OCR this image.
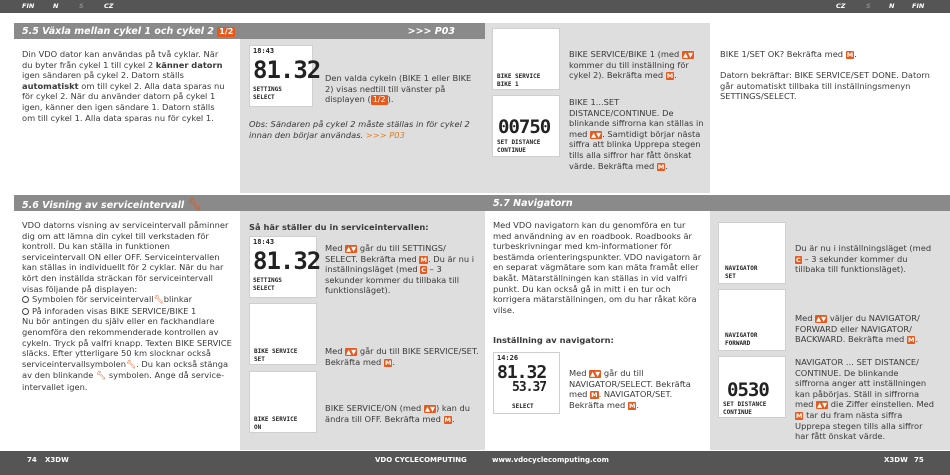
FIN	N	S	CZ	CZ	S	N	FIN
5.5 Växla mellan cykel 1 och cykel 2 1/2	>>> P03
Din VDO dator kan användas på två cyklar. När du byter från cykel 1 till cykel 2 känner datorn igen sändaren på cykel 2. Datorn ställs automatiskt om till cykel 2. Alla data sparas nu för cykel 2. När du använder datorn på cykel 1 igen, känner den igen sändare 1. Datorn ställs om till cykel 1. Alla data sparas nu för cykel 1.
18:43
81.32
SETTINGS
SELECT
Den valda cykeln (BIKE 1 eller BIKE 2) visas nedtill till vänster på displayen ( 1/2 ).
Obs: Sändaren på cykel 2 måste ställas in för cykel 2 innan den börjar användas. >>> P03
BIKE SERVICE
BIKE 1
BIKE SERVICE/BIKE 1 (med ▲▼ kommer du till inställning för cykel 2). Bekräfta med M.
00750
SET DISTANCE
CONTINUE
BIKE 1...SET DISTANCE/CONTINUE. De blinkande siffrorna kan ställas in med ▲▼. Samtidigt börjar nästa siffra att blinka Upprepa stegen tills alla siffror har fått önskat värde. Bekräfta med M.
BIKE 1/SET OK? Bekräfta med M.

Datorn bekräftar: BIKE SERVICE/SET DONE. Datorn går automatiskt tillbaka till inställningsmenyn SETTINGS/SELECT.
5.6 Visning av serviceintervall 🔧︎
VDO datorns visning av serviceintervall påminner dig om att lämna din cykel till verkstaden för kontroll. Du kan ställa in funktionen serviceintervall ON eller OFF. Serviceintervallen kan ställas in individuellt för 2 cyklar. När du har kört den inställda sträckan för serviceintervall visas följande på displayen:
Symbolen för serviceintervall🔧︎blinkar
På inforaden visas BIKE SERVICE/BIKE 1
Nu bör antingen du själv eller en fackhandlare genomföra den rekommenderade kontrollen av cykeln. Tryck på valfri knapp. Texten BIKE SERVICE släcks. Efter ytterligare 50 km slocknar också serviceintervallsymbolen🔧︎. Du kan också stänga av den blinkande 🔧︎ symbolen. Ange då service-intervallet igen.
Så här ställer du in serviceintervallen:
18:43
81.32
SETTINGS
SELECT
Med ▲▼ går du till SETTINGS/ SELECT. Bekräfta med M. Du är nu i inställningsläget (med C – 3 sekunder kommer du tillbaka till funktionsläget).
BIKE SERVICE
SET
Med ▲▼ går du till BIKE SERVICE/SET. Bekräfta med M.
BIKE SERVICE
ON
BIKE SERVICE/ON (med ▲▼) kan du ändra till OFF. Bekräfta med M.
5.7 Navigatorn
Med VDO navigatorn kan du genomföra en tur med användning av en roadbook. Roadbooks är turbeskrivningar med km-informationer för bestämda orienteringspunkter. VDO navigatorn är en separat vägmätare som kan mäta framåt eller bakåt. Mätarställningen kan ställas in vid valfri punkt. Du kan också gå in mitt i en tur och korrigera mätarställningen, om du har råkat köra vilse.
Inställning av navigatorn:
14:26
81.32
53.37
SELECT
Med ▲▼ går du till NAVIGATOR/SELECT. Bekräfta med M. NAVIGATOR/SET. Bekräfta med M.
NAVIGATOR
SET
Du är nu i inställningsläget (med C – 3 sekunder kommer du tillbaka till funktionsläget).
NAVIGATOR
FORWARD
Med ▲▼ väljer du NAVIGATOR/ FORWARD eller NAVIGATOR/ BACKWARD. Bekräfta med M.
0530
SET DISTANCE
CONTINUE
NAVIGATOR ... SET DISTANCE/ CONTINUE. De blinkande siffrorna anger att inställningen kan påbörjas. Ställ in siffrorna med ▲▼ die Ziffer einstellen. Med M tar du fram nästa siffra Upprepa stegen tills alla siffror har fått önskat värde.
74 X3DW	VDO CYCLECOMPUTING	www.vdocyclecomputing.com	X3DW 75
